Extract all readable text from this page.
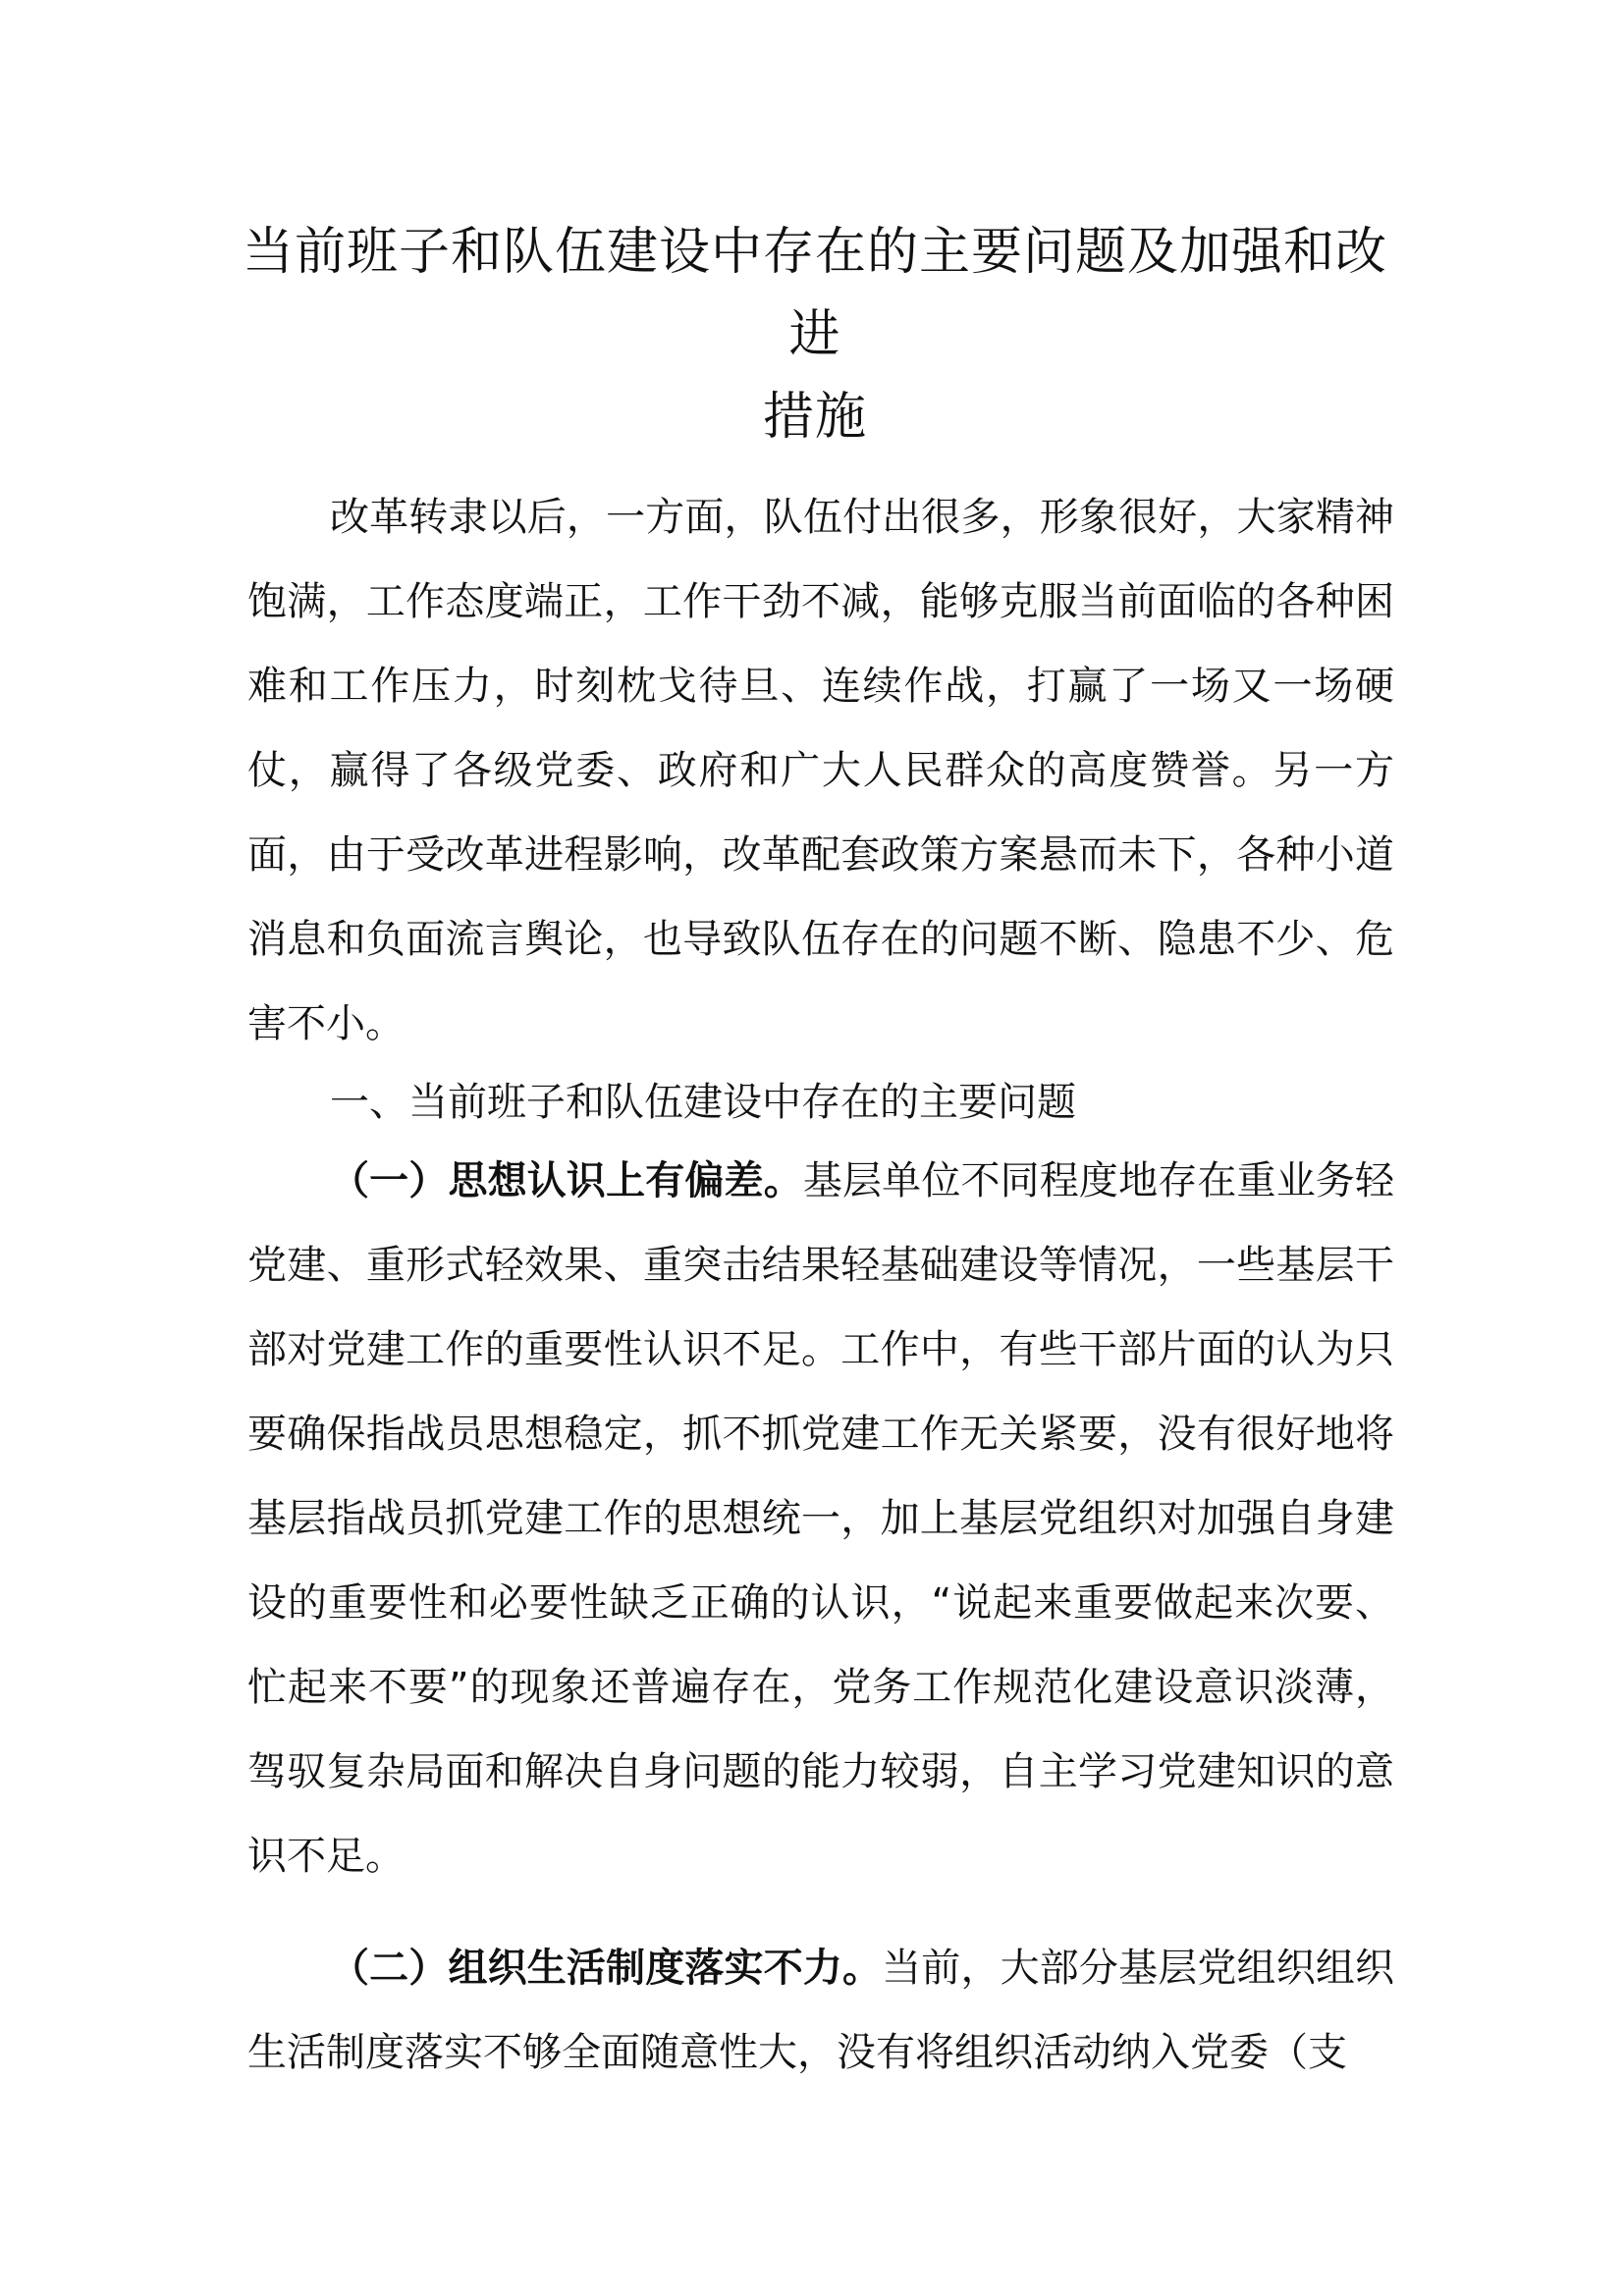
当前班子和队伍建设中存在的主要问题及加强和改进
措施

改革转隶以后，一方面，队伍付出很多，形象很好，大家精神饱满，工作态度端正，工作干劲不减，能够克服当前面临的各种困难和工作压力，时刻枕戈待旦、连续作战，打赢了一场又一场硬仗，赢得了各级党委、政府和广大人民群众的高度赞誉。另一方面，由于受改革进程影响，改革配套政策方案悬而未下，各种小道消息和负面流言舆论，也导致队伍存在的问题不断、隐患不少、危害不小。

一、当前班子和队伍建设中存在的主要问题

（一）思想认识上有偏差。基层单位不同程度地存在重业务轻党建、重形式轻效果、重突击结果轻基础建设等情况，一些基层干部对党建工作的重要性认识不足。工作中，有些干部片面的认为只要确保指战员思想稳定，抓不抓党建工作无关紧要，没有很好地将基层指战员抓党建工作的思想统一，加上基层党组织对加强自身建设的重要性和必要性缺乏正确的认识，“说起来重要做起来次要、忙起来不要”的现象还普遍存在，党务工作规范化建设意识淡薄，驾驭复杂局面和解决自身问题的能力较弱，自主学习党建知识的意识不足。

（二）组织生活制度落实不力。当前，大部分基层党组织组织生活制度落实不够全面随意性大，没有将组织活动纳入党委（支
